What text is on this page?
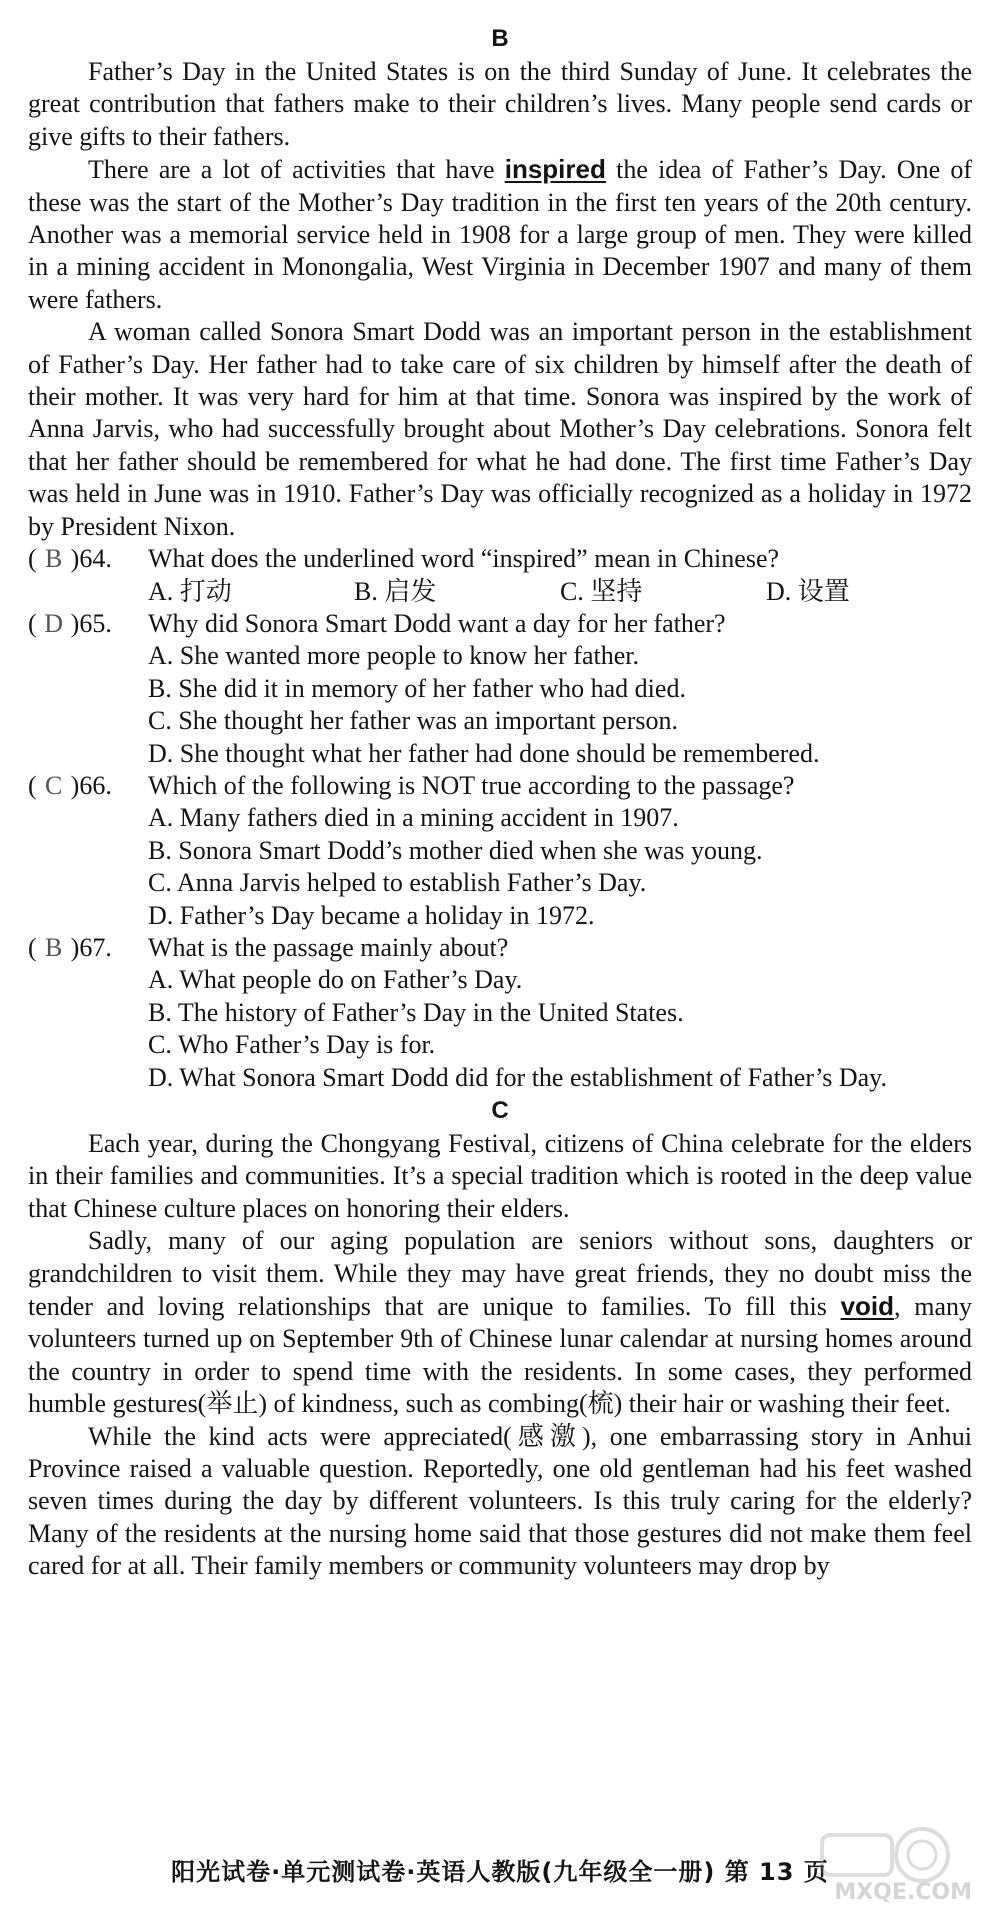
B

Father’s Day in the United States is on the third Sunday of June. It celebrates the great contribution that fathers make to their children’s lives. Many people send cards or give gifts to their fathers.

There are a lot of activities that have inspired the idea of Father’s Day. One of these was the start of the Mother’s Day tradition in the first ten years of the 20th century. Another was a memorial service held in 1908 for a large group of men. They were killed in a mining accident in Monongalia, West Virginia in December 1907 and many of them were fathers.

A woman called Sonora Smart Dodd was an important person in the establishment of Father’s Day. Her father had to take care of six children by himself after the death of their mother. It was very hard for him at that time. Sonora was inspired by the work of Anna Jarvis, who had successfully brought about Mother’s Day celebrations. Sonora felt that her father should be remembered for what he had done. The first time Father’s Day was held in June was in 1910. Father’s Day was officially recognized as a holiday in 1972 by President Nixon.

( B )64.	What does the underlined word “inspired” mean in Chinese?
A. 打动	B. 启发	C. 坚持	D. 设置
( D )65.	Why did Sonora Smart Dodd want a day for her father?
A. She wanted more people to know her father.
B. She did it in memory of her father who had died.
C. She thought her father was an important person.
D. She thought what her father had done should be remembered.
( C )66.	Which of the following is NOT true according to the passage?
A. Many fathers died in a mining accident in 1907.
B. Sonora Smart Dodd’s mother died when she was young.
C. Anna Jarvis helped to establish Father’s Day.
D. Father’s Day became a holiday in 1972.
( B )67.	What is the passage mainly about?
A. What people do on Father’s Day.
B. The history of Father’s Day in the United States.
C. Who Father’s Day is for.
D. What Sonora Smart Dodd did for the establishment of Father’s Day.
C

Each year, during the Chongyang Festival, citizens of China celebrate for the elders in their families and communities. It’s a special tradition which is rooted in the deep value that Chinese culture places on honoring their elders.

Sadly, many of our aging population are seniors without sons, daughters or grandchildren to visit them. While they may have great friends, they no doubt miss the tender and loving relationships that are unique to families. To fill this void, many volunteers turned up on September 9th of Chinese lunar calendar at nursing homes around the country in order to spend time with the residents. In some cases, they performed humble gestures(举止) of kindness, such as combing(梳) their hair or washing their feet.

While the kind acts were appreciated(感激), one embarrassing story in Anhui Province raised a valuable question. Reportedly, one old gentleman had his feet washed seven times during the day by different volunteers. Is this truly caring for the elderly? Many of the residents at the nursing home said that those gestures did not make them feel cared for at all. Their family members or community volunteers may drop by

阳光试卷·单元测试卷·英语人教版(九年级全一册) 第 13 页
MXQE.COM
